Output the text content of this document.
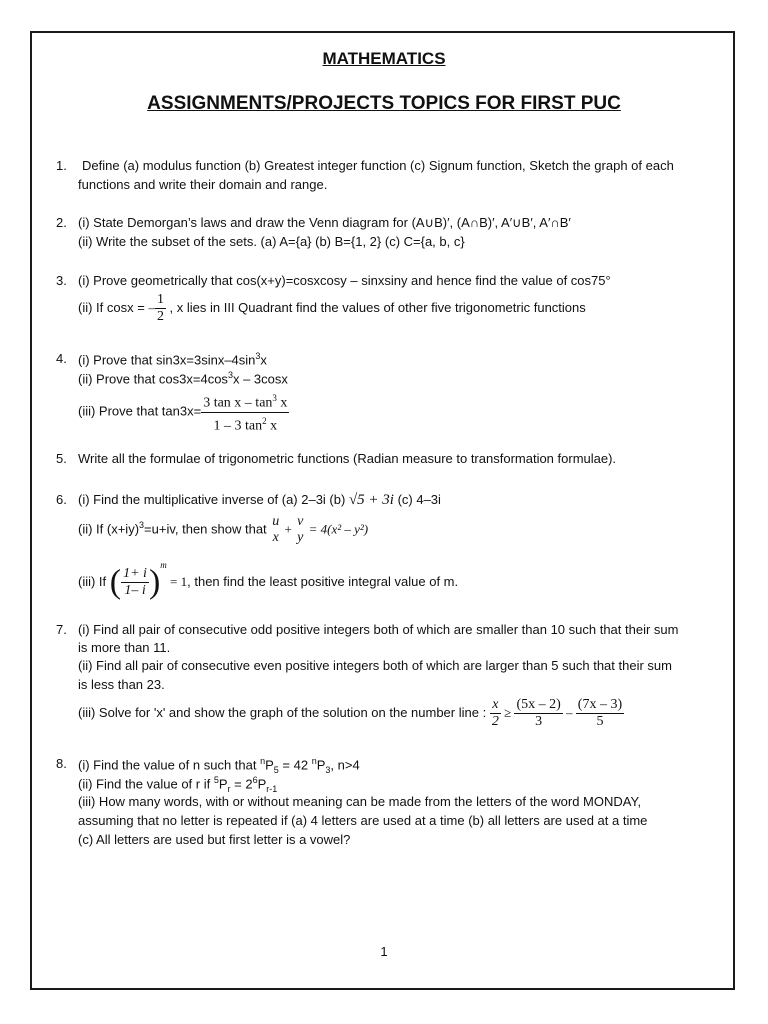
MATHEMATICS
ASSIGNMENTS/PROJECTS TOPICS FOR FIRST PUC
1. Define (a) modulus function (b) Greatest integer function (c) Signum function, Sketch the graph of each
functions and write their domain and range.
2. (i) State Demorgan’s laws and draw the Venn diagram for (A∪B)′, (A∩B)′, A′∪B′, A′∩B′
(ii) Write the subset of the sets. (a) A={a} (b) B={1, 2} (c) C={a, b, c}
3. (i) Prove geometrically that cos(x+y)=cosxcosy – sinxsiny and hence find the value of cos75°
(ii) If cosx = – $\frac{1}{2}$ , x lies in III Quadrant find the values of other five trigonometric functions
4. (i) Prove that $\sin 3x=3\sin x-4\sin^3x$
(ii) Prove that $\cos 3x=4\cos^3x - 3\cos x$
(iii) Prove that $\tan 3x= \frac{3 \tan x - \tan^3 x}{1 - 3 \tan^2 x}$
5. Write all the formulae of trigonometric functions (Radian measure to transformation formulae).
6. (i) Find the multiplicative inverse of (a) 2–3i (b) √5 + 3i (c) 4–3i
(ii) If $(x+iy)^3=u+iv$, then show that u
x
+ v
y
= 4(x² – y²)
(iii) If ( $\frac{1+ i}{1- i} )^m = 1$, then find the least positive integral value of m.
7. (i) Find all pair of consecutive odd positive integers both of which are smaller than 10 such that their sum
is more than 11.
(ii) Find all pair of consecutive even positive integers both of which are larger than 5 such that their sum
is less than 23.
(iii) Solve for 'x' and show the graph of the solution on the number line : $\frac{x}{2} \ge \frac{(5x - 2)}{3} - \frac{(7x - 3)}{5}$
8. (i) Find the value of n such that $^nP_5 = 42$ $^nP_3$, n>4
(ii) Find the value of r if $^5P_r = 2^6P_{r-1}$
(iii) How many words, with or without meaning can be made from the letters of the word MONDAY,
assuming that no letter is repeated if (a) 4 letters are used at a time (b) all letters are used at a time
(c) All letters are used but first letter is a vowel?
1
